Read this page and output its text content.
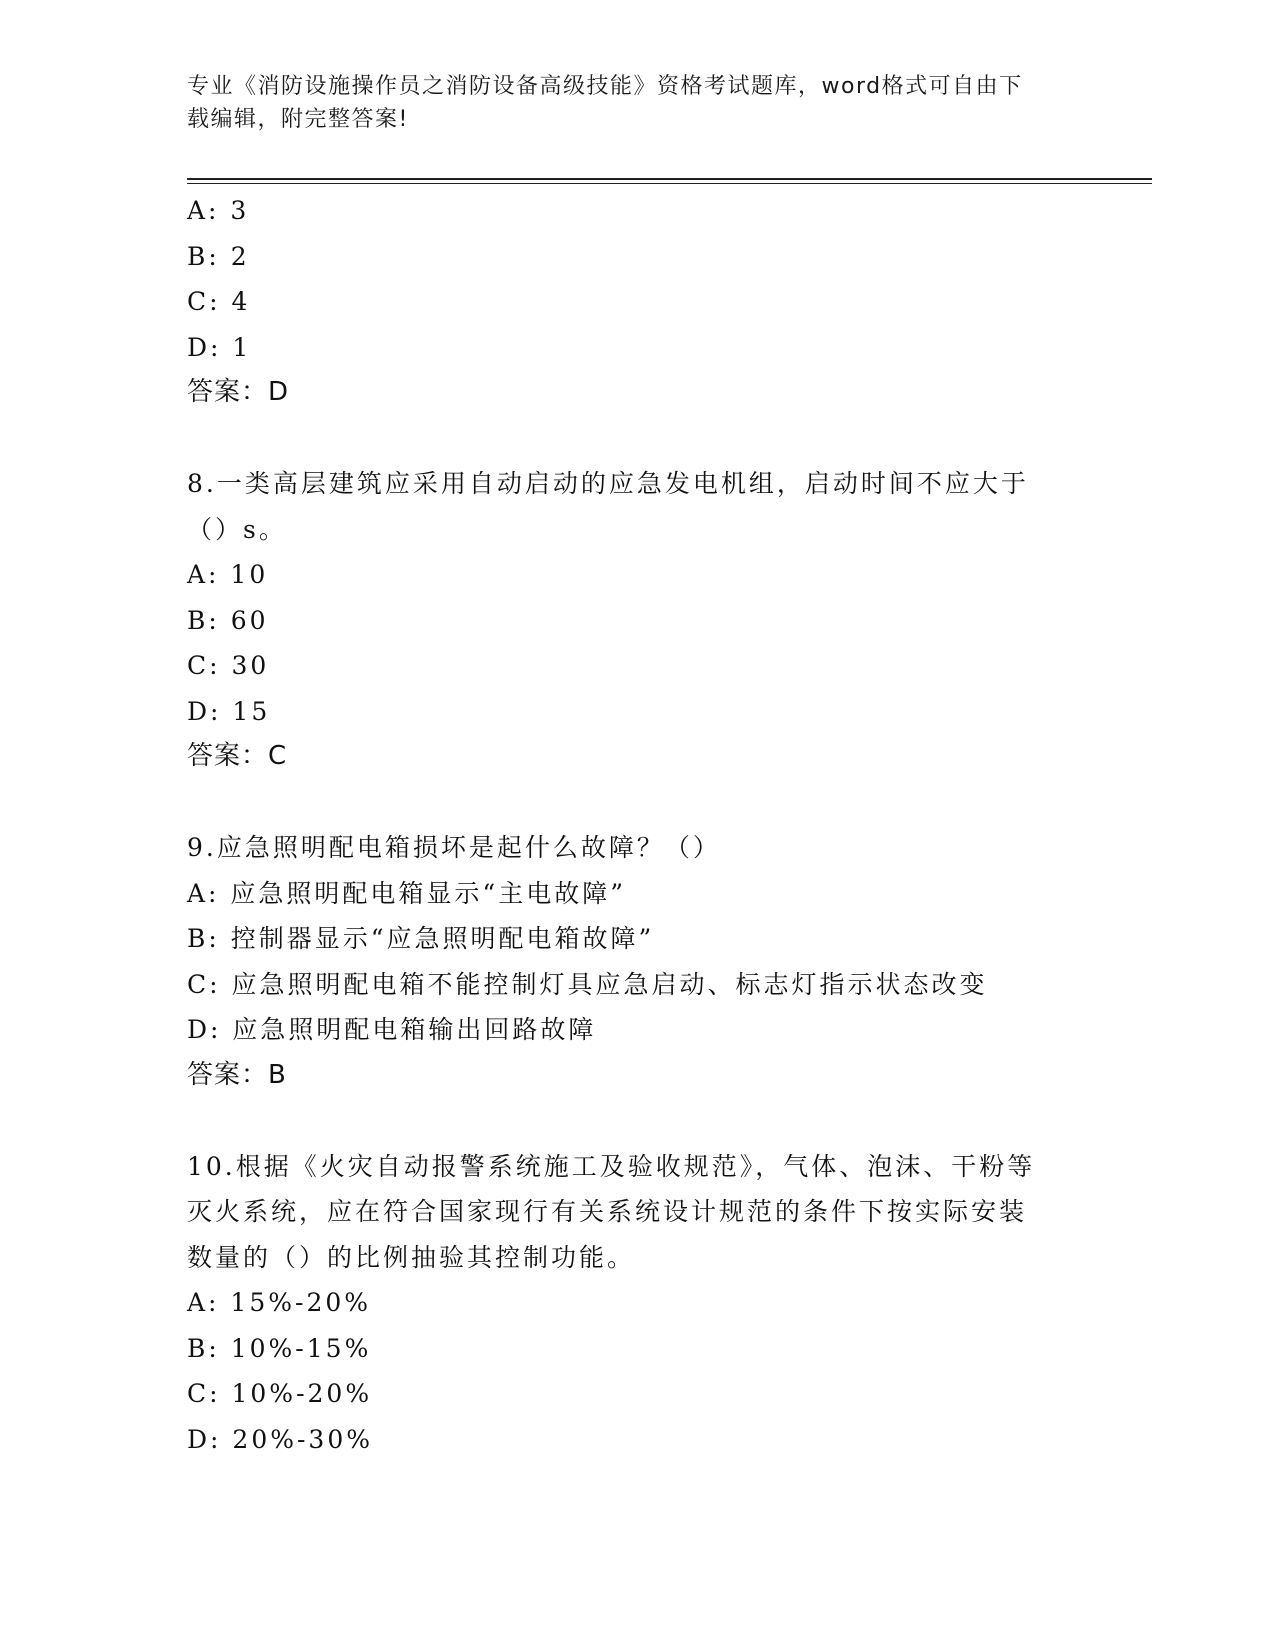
专业《消防设施操作员之消防设备高级技能》资格考试题库，word格式可自由下
载编辑，附完整答案!
A: 3
B: 2
C: 4
D: 1
答案：D
8.一类高层建筑应采用自动启动的应急发电机组，启动时间不应大于
（）s。
A: 10
B: 60
C: 30
D: 15
答案：C
9.应急照明配电箱损坏是起什么故障？（）
A: 应急照明配电箱显示“主电故障”
B: 控制器显示“应急照明配电箱故障”
C: 应急照明配电箱不能控制灯具应急启动、标志灯指示状态改变
D: 应急照明配电箱输出回路故障
答案：B
10.根据《火灾自动报警系统施工及验收规范》，气体、泡沫、干粉等
灭火系统，应在符合国家现行有关系统设计规范的条件下按实际安装
数量的（）的比例抽验其控制功能。
A: 15%-20%
B: 10%-15%
C: 10%-20%
D: 20%-30%
